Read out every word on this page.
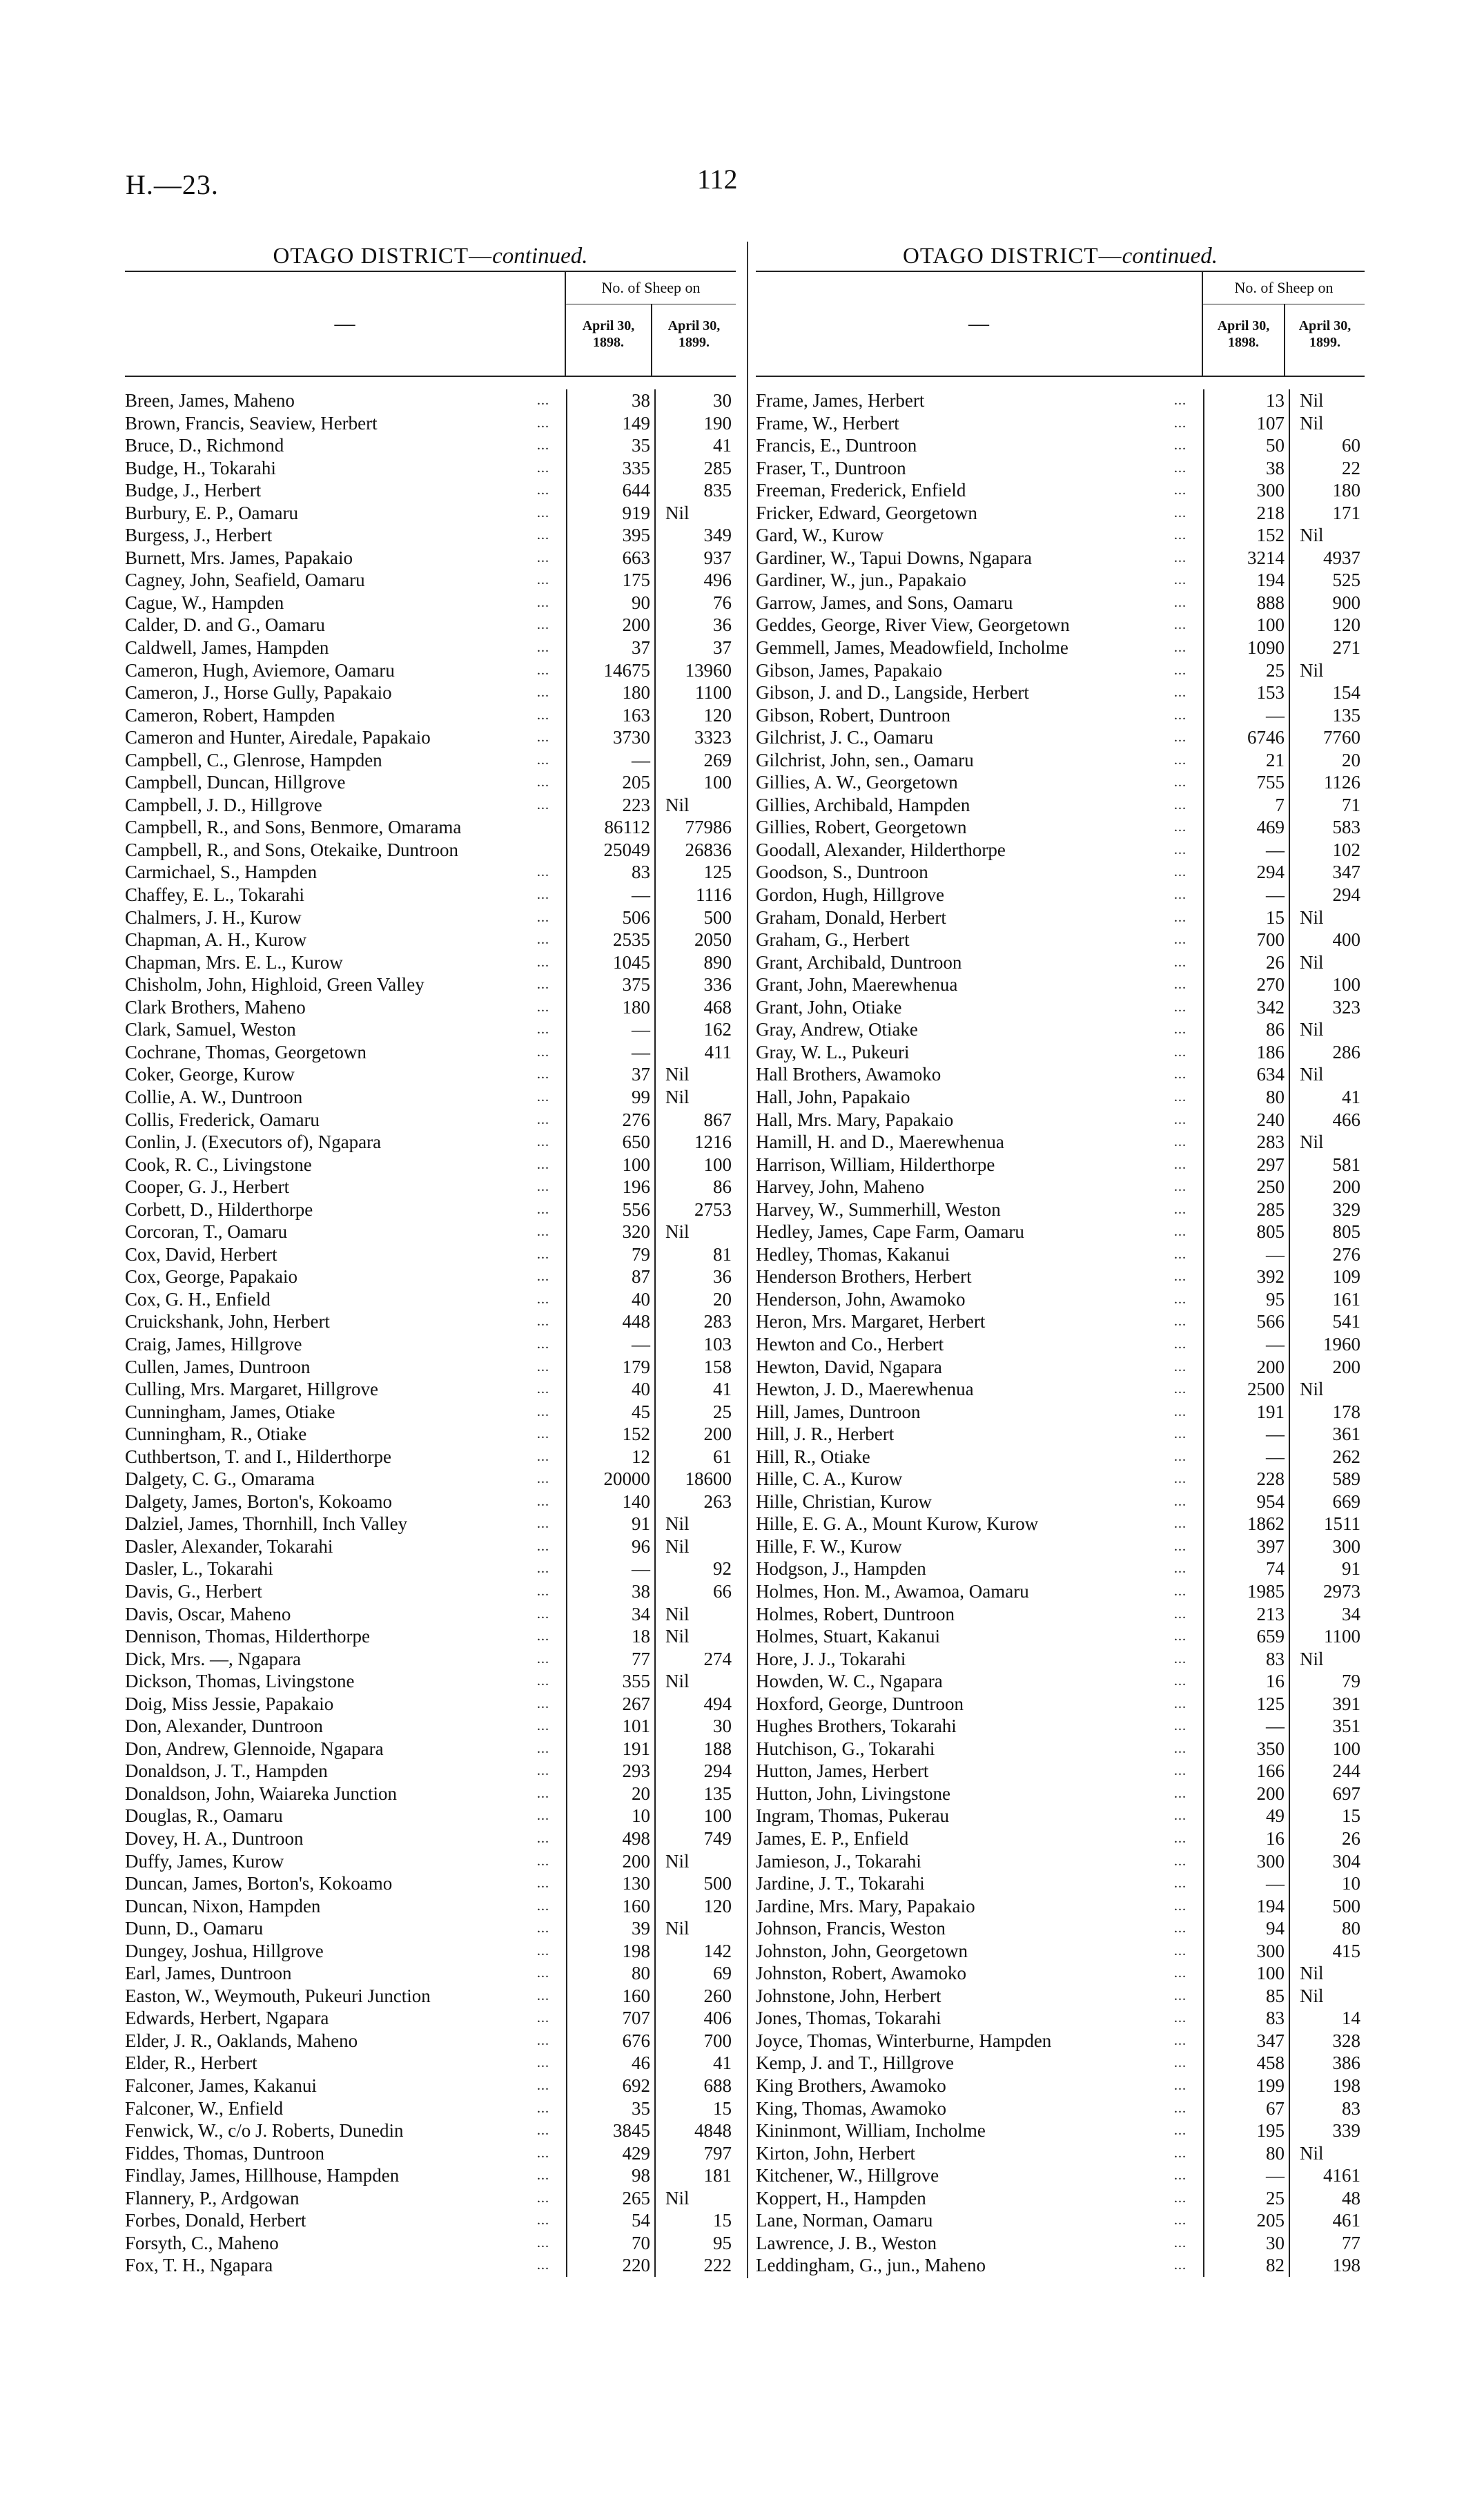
H.—23.	112
OTAGO DISTRICT—continued.
—
No. of Sheep on
April 30, 1898.
April 30, 1899.
Breen, James, Maheno	...	38	30
Brown, Francis, Seaview, Herbert	...	149	190
Bruce, D., Richmond	...	35	41
Budge, H., Tokarahi	...	335	285
Budge, J., Herbert	...	644	835
Burbury, E. P., Oamaru	...	919 Nil
Burgess, J., Herbert	...	395	349
Burnett, Mrs. James, Papakaio	...	663	937
Cagney, John, Seafield, Oamaru	...	175	496
Cague, W., Hampden	...	90	76
Calder, D. and G., Oamaru	...	200	36
Caldwell, James, Hampden	...	37	37
Cameron, Hugh, Aviemore, Oamaru	...	14675	13960
Cameron, J., Horse Gully, Papakaio	...	180	1100
Cameron, Robert, Hampden	...	163	120
Cameron and Hunter, Airedale, Papakaio	...	3730	3323
Campbell, C., Glenrose, Hampden	...	—	269
Campbell, Duncan, Hillgrove	...	205	100
Campbell, J. D., Hillgrove	...	223 Nil
Campbell, R., and Sons, Benmore, Omarama	86112	77986
Campbell, R., and Sons, Otekaike, Duntroon	25049	26836
Carmichael, S., Hampden	...	83	125
Chaffey, E. L., Tokarahi	...	—	1116
Chalmers, J. H., Kurow	...	506	500
Chapman, A. H., Kurow	...	2535	2050
Chapman, Mrs. E. L., Kurow	...	1045	890
Chisholm, John, Highloid, Green Valley	...	375	336
Clark Brothers, Maheno	...	180	468
Clark, Samuel, Weston	...	—	162
Cochrane, Thomas, Georgetown	...	—	411
Coker, George, Kurow	...	37 Nil
Collie, A. W., Duntroon	...	99 Nil
Collis, Frederick, Oamaru	...	276	867
Conlin, J. (Executors of), Ngapara	...	650	1216
Cook, R. C., Livingstone	...	100	100
Cooper, G. J., Herbert	...	196	86
Corbett, D., Hilderthorpe	...	556	2753
Corcoran, T., Oamaru	...	320 Nil
Cox, David, Herbert	...	79	81
Cox, George, Papakaio	...	87	36
Cox, G. H., Enfield	...	40	20
Cruickshank, John, Herbert	...	448	283
Craig, James, Hillgrove	...	—	103
Cullen, James, Duntroon	...	179	158
Culling, Mrs. Margaret, Hillgrove	...	40	41
Cunningham, James, Otiake	...	45	25
Cunningham, R., Otiake	...	152	200
Cuthbertson, T. and I., Hilderthorpe	...	12	61
Dalgety, C. G., Omarama	...	20000	18600
Dalgety, James, Borton's, Kokoamo	...	140	263
Dalziel, James, Thornhill, Inch Valley	...	91 Nil
Dasler, Alexander, Tokarahi	...	96 Nil
Dasler, L., Tokarahi	...	—	92
Davis, G., Herbert	...	38	66
Davis, Oscar, Maheno	...	34 Nil
Dennison, Thomas, Hilderthorpe	...	18 Nil
Dick, Mrs. —, Ngapara	...	77	274
Dickson, Thomas, Livingstone	...	355 Nil
Doig, Miss Jessie, Papakaio	...	267	494
Don, Alexander, Duntroon	...	101	30
Don, Andrew, Glennoide, Ngapara	...	191	188
Donaldson, J. T., Hampden	...	293	294
Donaldson, John, Waiareka Junction	...	20	135
Douglas, R., Oamaru	...	10	100
Dovey, H. A., Duntroon	...	498	749
Duffy, James, Kurow	...	200 Nil
Duncan, James, Borton's, Kokoamo	...	130	500
Duncan, Nixon, Hampden	...	160	120
Dunn, D., Oamaru	...	39 Nil
Dungey, Joshua, Hillgrove	...	198	142
Earl, James, Duntroon	...	80	69
Easton, W., Weymouth, Pukeuri Junction	...	160	260
Edwards, Herbert, Ngapara	...	707	406
Elder, J. R., Oaklands, Maheno	...	676	700
Elder, R., Herbert	...	46	41
Falconer, James, Kakanui	...	692	688
Falconer, W., Enfield	...	35	15
Fenwick, W., c/o J. Roberts, Dunedin	...	3845	4848
Fiddes, Thomas, Duntroon	...	429	797
Findlay, James, Hillhouse, Hampden	...	98	181
Flannery, P., Ardgowan	...	265 Nil
Forbes, Donald, Herbert	...	54	15
Forsyth, C., Maheno	...	70	95
Fox, T. H., Ngapara	...	220	222
OTAGO DISTRICT—continued.
—
No. of Sheep on
April 30, 1898.
April 30, 1899.
Frame, James, Herbert	...	13 Nil
Frame, W., Herbert	...	107 Nil
Francis, E., Duntroon	...	50	60
Fraser, T., Duntroon	...	38	22
Freeman, Frederick, Enfield	...	300	180
Fricker, Edward, Georgetown	...	218	171
Gard, W., Kurow	...	152 Nil
Gardiner, W., Tapui Downs, Ngapara	...	3214	4937
Gardiner, W., jun., Papakaio	...	194	525
Garrow, James, and Sons, Oamaru	...	888	900
Geddes, George, River View, Georgetown	...	100	120
Gemmell, James, Meadowfield, Incholme	...	1090	271
Gibson, James, Papakaio	...	25 Nil
Gibson, J. and D., Langside, Herbert	...	153	154
Gibson, Robert, Duntroon	...	—	135
Gilchrist, J. C., Oamaru	...	6746	7760
Gilchrist, John, sen., Oamaru	...	21	20
Gillies, A. W., Georgetown	...	755	1126
Gillies, Archibald, Hampden	...	7	71
Gillies, Robert, Georgetown	...	469	583
Goodall, Alexander, Hilderthorpe	...	—	102
Goodson, S., Duntroon	...	294	347
Gordon, Hugh, Hillgrove	...	—	294
Graham, Donald, Herbert	...	15 Nil
Graham, G., Herbert	...	700	400
Grant, Archibald, Duntroon	...	26 Nil
Grant, John, Maerewhenua	...	270	100
Grant, John, Otiake	...	342	323
Gray, Andrew, Otiake	...	86 Nil
Gray, W. L., Pukeuri	...	186	286
Hall Brothers, Awamoko	...	634 Nil
Hall, John, Papakaio	...	80	41
Hall, Mrs. Mary, Papakaio	...	240	466
Hamill, H. and D., Maerewhenua	...	283 Nil
Harrison, William, Hilderthorpe	...	297	581
Harvey, John, Maheno	...	250	200
Harvey, W., Summerhill, Weston	...	285	329
Hedley, James, Cape Farm, Oamaru	...	805	805
Hedley, Thomas, Kakanui	...	—	276
Henderson Brothers, Herbert	...	392	109
Henderson, John, Awamoko	...	95	161
Heron, Mrs. Margaret, Herbert	...	566	541
Hewton and Co., Herbert	...	—	1960
Hewton, David, Ngapara	...	200	200
Hewton, J. D., Maerewhenua	...	2500 Nil
Hill, James, Duntroon	...	191	178
Hill, J. R., Herbert	...	—	361
Hill, R., Otiake	...	—	262
Hille, C. A., Kurow	...	228	589
Hille, Christian, Kurow	...	954	669
Hille, E. G. A., Mount Kurow, Kurow	...	1862	1511
Hille, F. W., Kurow	...	397	300
Hodgson, J., Hampden	...	74	91
Holmes, Hon. M., Awamoa, Oamaru	...	1985	2973
Holmes, Robert, Duntroon	...	213	34
Holmes, Stuart, Kakanui	...	659	1100
Hore, J. J., Tokarahi	...	83 Nil
Howden, W. C., Ngapara	...	16	79
Hoxford, George, Duntroon	...	125	391
Hughes Brothers, Tokarahi	...	—	351
Hutchison, G., Tokarahi	...	350	100
Hutton, James, Herbert	...	166	244
Hutton, John, Livingstone	...	200	697
Ingram, Thomas, Pukerau	...	49	15
James, E. P., Enfield	...	16	26
Jamieson, J., Tokarahi	...	300	304
Jardine, J. T., Tokarahi	...	—	10
Jardine, Mrs. Mary, Papakaio	...	194	500
Johnson, Francis, Weston	...	94	80
Johnston, John, Georgetown	...	300	415
Johnston, Robert, Awamoko	...	100 Nil
Johnstone, John, Herbert	...	85 Nil
Jones, Thomas, Tokarahi	...	83	14
Joyce, Thomas, Winterburne, Hampden	...	347	328
Kemp, J. and T., Hillgrove	...	458	386
King Brothers, Awamoko	...	199	198
King, Thomas, Awamoko	...	67	83
Kininmont, William, Incholme	...	195	339
Kirton, John, Herbert	...	80 Nil
Kitchener, W., Hillgrove	...	—	4161
Koppert, H., Hampden	...	25	48
Lane, Norman, Oamaru	...	205	461
Lawrence, J. B., Weston	...	30	77
Leddingham, G., jun., Maheno	...	82	198
